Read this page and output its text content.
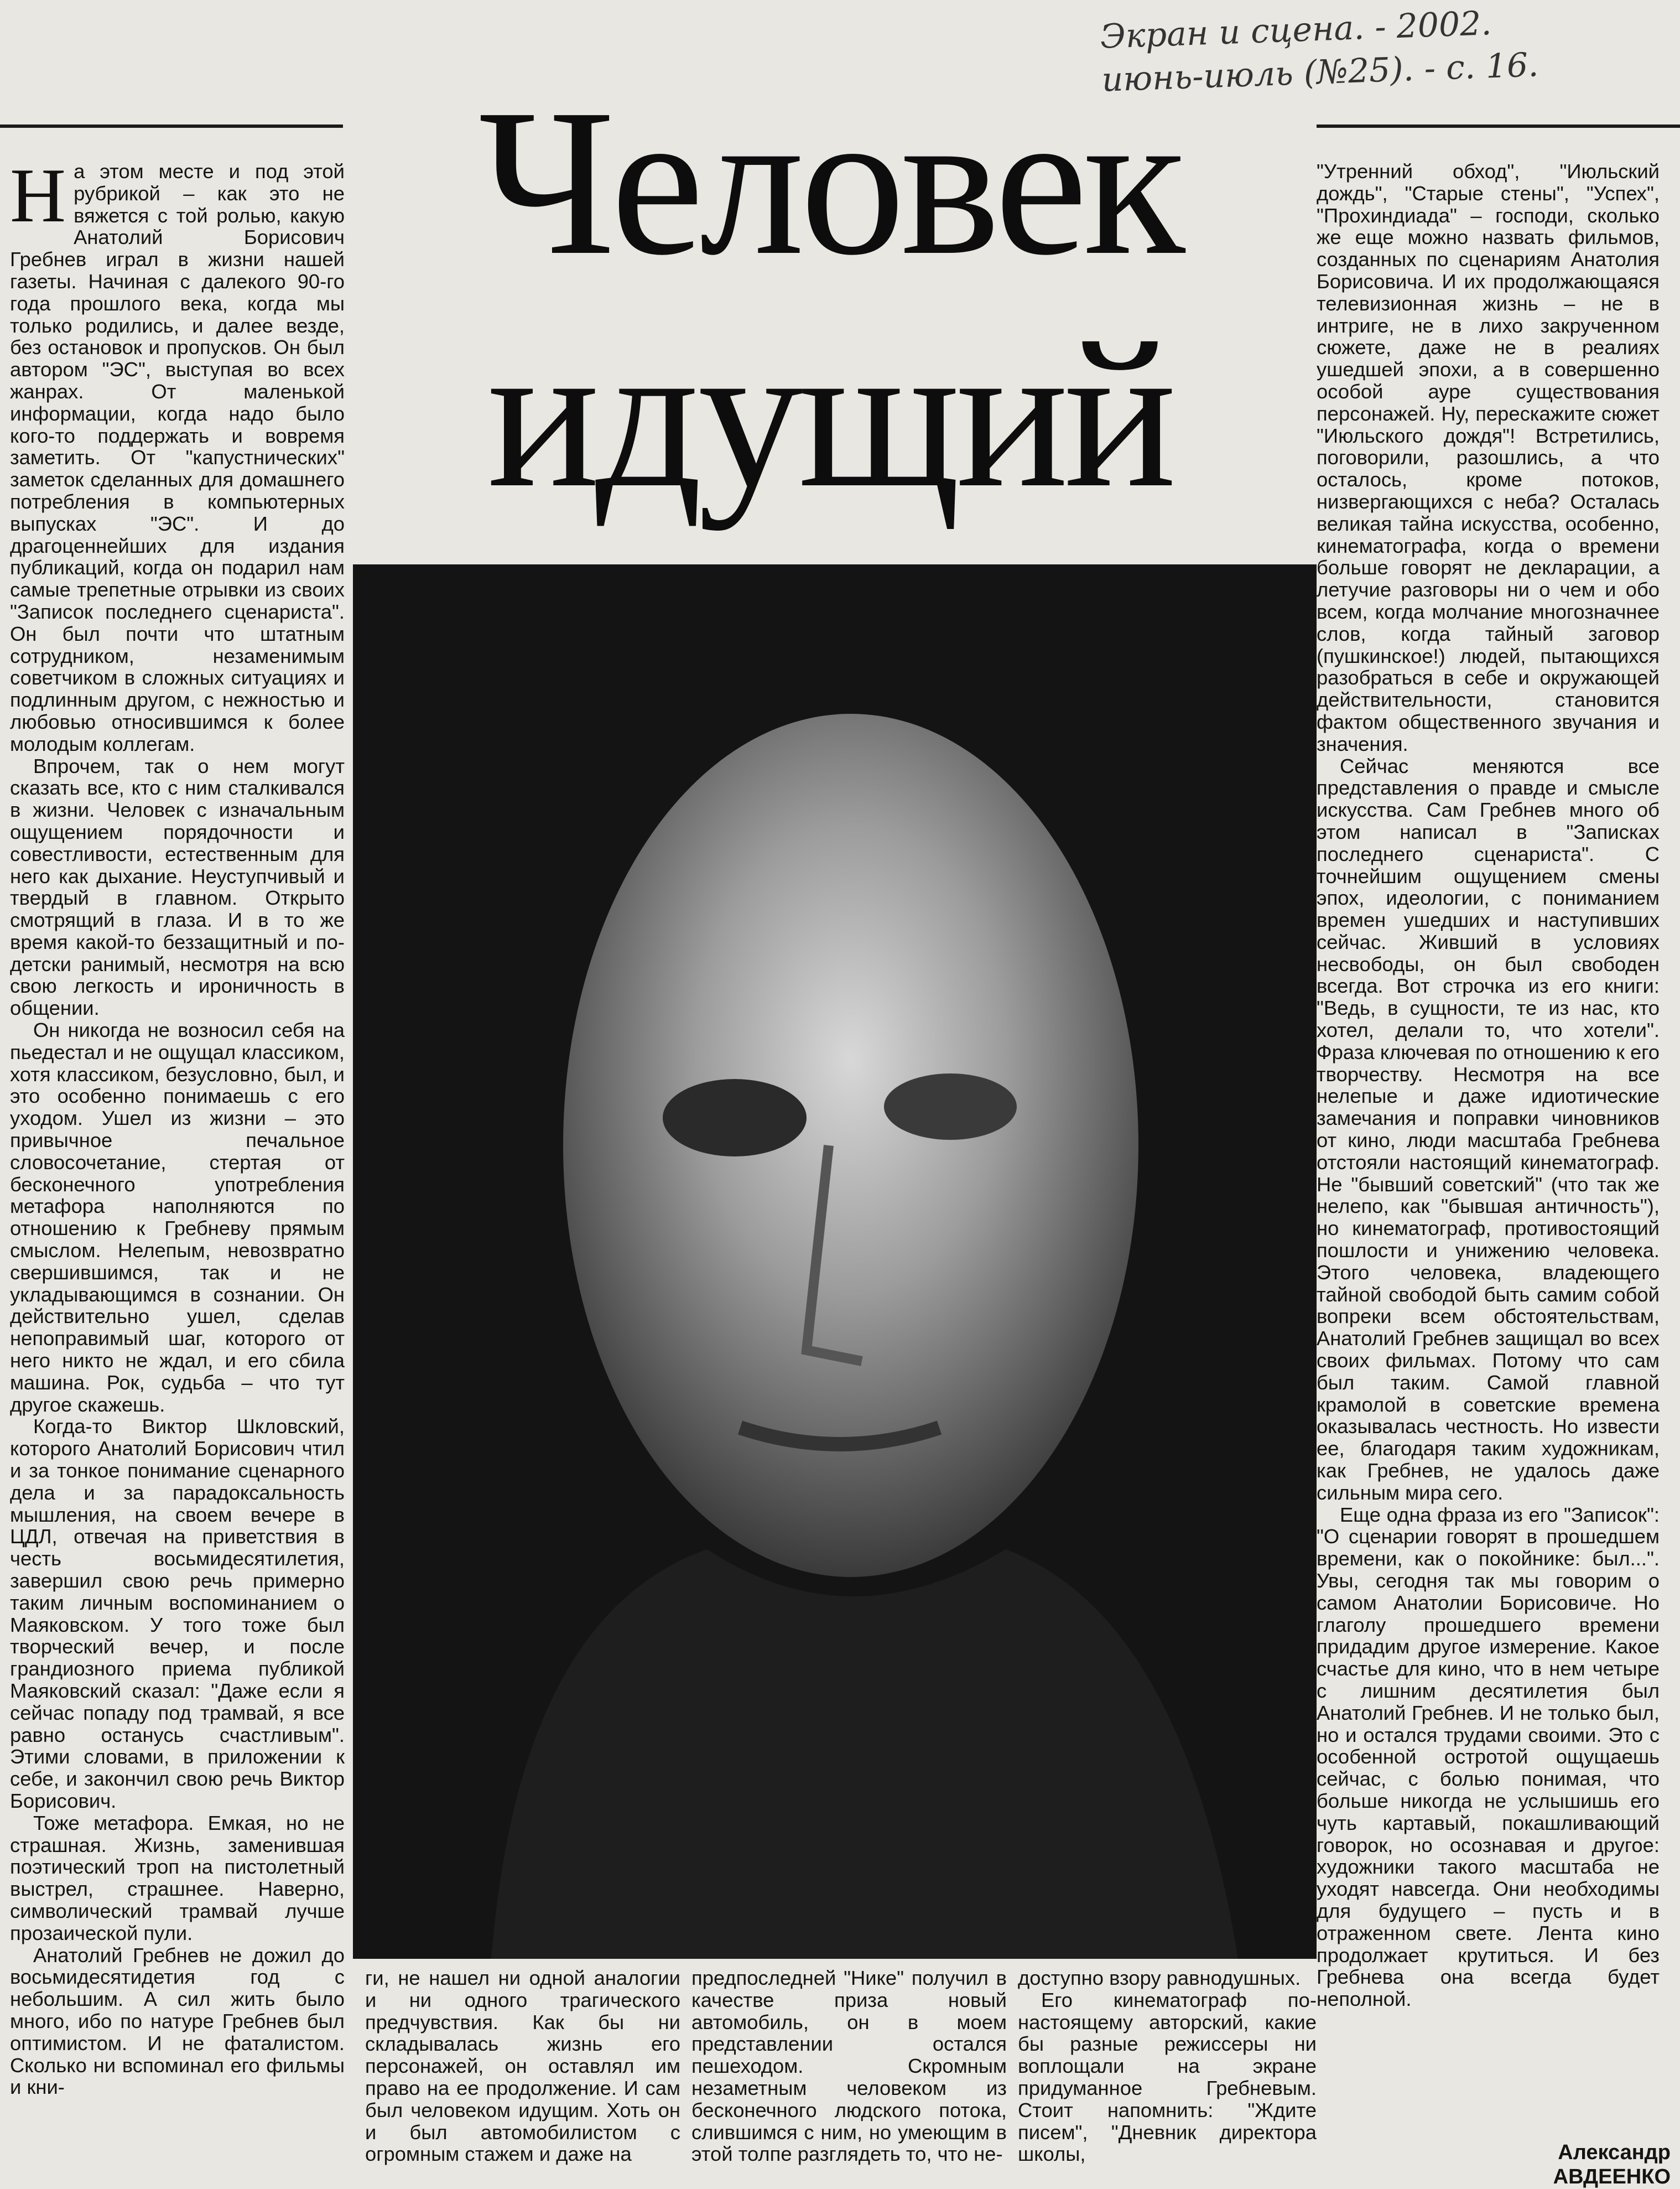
Экран и сцена. - 2002.
июнь-июль (№25). - с. 16.
Человек
идущий

На этом месте и под этой рубрикой – как это не вяжется с той ролью, какую Анатолий Борисович Гребнев играл в жизни нашей газеты. Начиная с далекого 90-го года прошлого века, когда мы только родились, и далее везде, без остановок и пропусков. Он был автором "ЭС", выступая во всех жанрах. От маленькой информации, когда надо было кого-то поддержать и вовремя заметить. От "капустнических" заметок сделанных для домашнего потребления в компьютерных выпусках "ЭС". И до драгоценнейших для издания публикаций, когда он подарил нам самые трепетные отрывки из своих "Записок последнего сценариста". Он был почти что штатным сотрудником, незаменимым советчиком в сложных ситуациях и подлинным другом, с нежностью и любовью относившимся к более молодым коллегам.

Впрочем, так о нем могут сказать все, кто с ним сталкивался в жизни. Человек с изначальным ощущением порядочности и совестливости, естественным для него как дыхание. Неуступчивый и твердый в главном. Открыто смотрящий в глаза. И в то же время какой-то беззащитный и по-детски ранимый, несмотря на всю свою легкость и ироничность в общении.

Он никогда не возносил себя на пьедестал и не ощущал классиком, хотя классиком, безусловно, был, и это особенно понимаешь с его уходом. Ушел из жизни – это привычное печальное словосочетание, стертая от бесконечного употребления метафора наполняются по отношению к Гребневу прямым смыслом. Нелепым, невозвратно свершившимся, так и не укладывающимся в сознании. Он действительно ушел, сделав непоправимый шаг, которого от него никто не ждал, и его сбила машина. Рок, судьба – что тут другое скажешь.

Когда-то Виктор Шкловский, которого Анатолий Борисович чтил и за тонкое понимание сценарного дела и за парадоксальность мышления, на своем вечере в ЦДЛ, отвечая на приветствия в честь восьмидесятилетия, завершил свою речь примерно таким личным воспоминанием о Маяковском. У того тоже был творческий вечер, и после грандиозного приема публикой Маяковский сказал: "Даже если я сейчас попаду под трамвай, я все равно останусь счастливым". Этими словами, в приложении к себе, и закончил свою речь Виктор Борисович.

Тоже метафора. Емкая, но не страшная. Жизнь, заменившая поэтический троп на пистолетный выстрел, страшнее. Наверно, символический трамвай лучше прозаической пули.

Анатолий Гребнев не дожил до восьмидесятидетия год с небольшим. А сил жить было много, ибо по натуре Гребнев был оптимистом. И не фаталистом. Сколько ни вспоминал его фильмы и кни-

ги, не нашел ни одной аналогии и ни одного трагического предчувствия. Как бы ни складывалась жизнь его персонажей, он оставлял им право на ее продолжение. И сам был человеком идущим. Хоть он и был автомобилистом с огромным стажем и даже на

предпоследней "Нике" получил в качестве приза новый автомобиль, он в моем представлении остался пешеходом. Скромным незаметным человеком из бесконечного людского потока, слившимся с ним, но умеющим в этой толпе разглядеть то, что не-

доступно взору равнодушных.

Его кинематограф по-настоящему авторский, какие бы разные режиссеры ни воплощали на экране придуманное Гребневым. Стоит напомнить: "Ждите писем", "Дневник директора школы,

"Утренний обход", "Июльский дождь", "Старые стены", "Успех", "Прохиндиада" – господи, сколько же еще можно назвать фильмов, созданных по сценариям Анатолия Борисовича. И их продолжающаяся телевизионная жизнь – не в интриге, не в лихо закрученном сюжете, даже не в реалиях ушедшей эпохи, а в совершенно особой ауре существования персонажей. Ну, перескажите сюжет "Июльского дождя"! Встретились, поговорили, разошлись, а что осталось, кроме потоков, низвергающихся с неба? Осталась великая тайна искусства, особенно, кинематографа, когда о времени больше говорят не декларации, а летучие разговоры ни о чем и обо всем, когда молчание многозначнее слов, когда тайный заговор (пушкинское!) людей, пытающихся разобраться в себе и окружающей действительности, становится фактом общественного звучания и значения.

Сейчас меняются все представления о правде и смысле искусства. Сам Гребнев много об этом написал в "Записках последнего сценариста". С точнейшим ощущением смены эпох, идеологии, с пониманием времен ушедших и наступивших сейчас. Живший в условиях несвободы, он был свободен всегда. Вот строчка из его книги: "Ведь, в сущности, те из нас, кто хотел, делали то, что хотели". Фраза ключевая по отношению к его творчеству. Несмотря на все нелепые и даже идиотические замечания и поправки чиновников от кино, люди масштаба Гребнева отстояли настоящий кинематограф. Не "бывший советский" (что так же нелепо, как "бывшая античность"), но кинематограф, противостоящий пошлости и унижению человека. Этого человека, владеющего тайной свободой быть самим собой вопреки всем обстоятельствам, Анатолий Гребнев защищал во всех своих фильмах. Потому что сам был таким. Самой главной крамолой в советские времена оказывалась честность. Но извести ее, благодаря таким художникам, как Гребнев, не удалось даже сильным мира сего.

Еще одна фраза из его "Записок": "О сценарии говорят в прошедшем времени, как о покойнике: был...". Увы, сегодня так мы говорим о самом Анатолии Борисовиче. Но глаголу прошедшего времени придадим другое измерение. Какое счастье для кино, что в нем четыре с лишним десятилетия был Анатолий Гребнев. И не только был, но и остался трудами своими. Это с особенной остротой ощущаешь сейчас, с болью понимая, что больше никогда не услышишь его чуть картавый, покашливающий говорок, но осознавая и другое: художники такого масштаба не уходят навсегда. Они необходимы для будущего – пусть и в отраженном свете. Лента кино продолжает крутиться. И без Гребнева она всегда будет неполной.

Александр АВДЕЕНКО
